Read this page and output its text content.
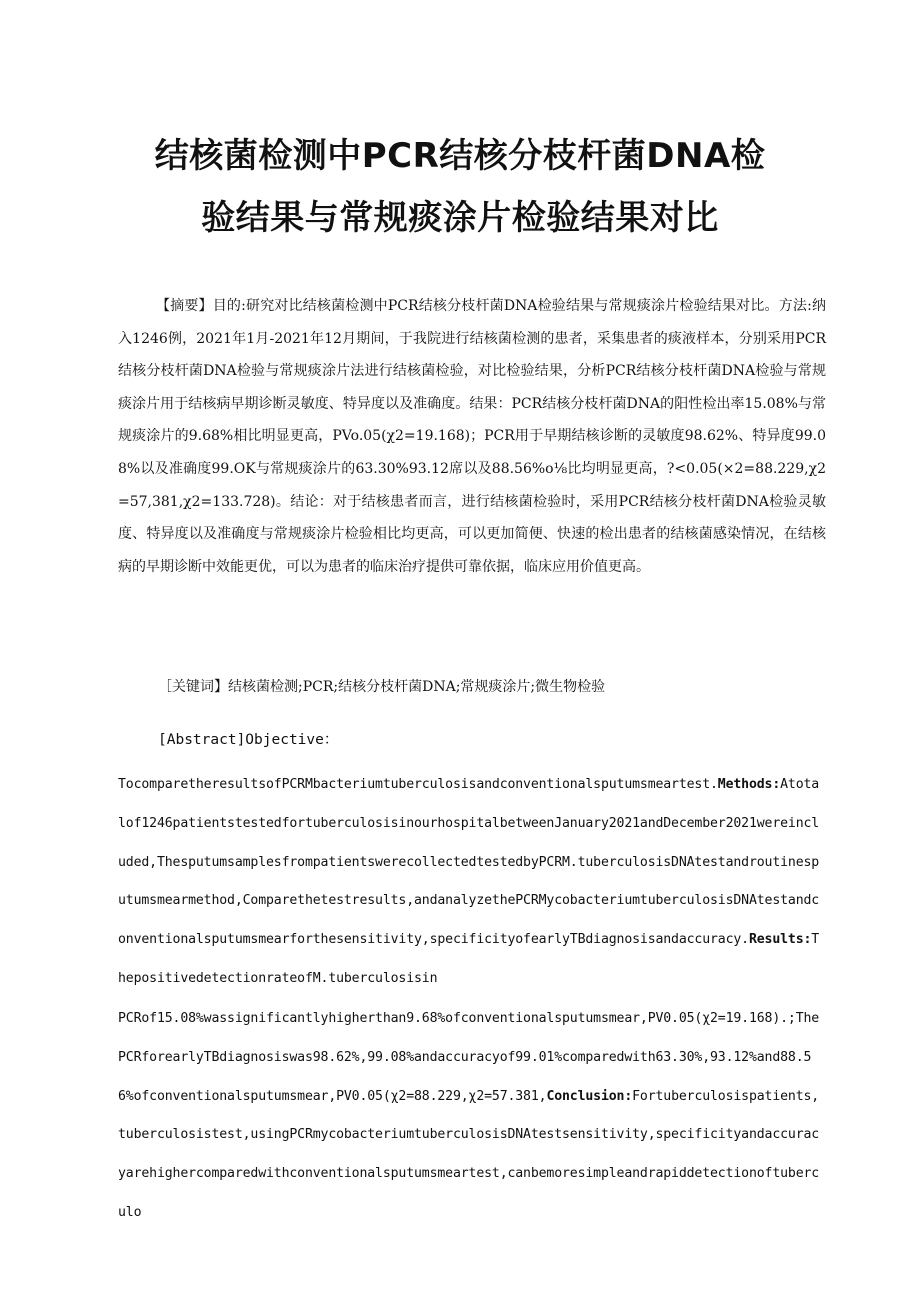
结核菌检测中PCR结核分枝杆菌DNA检
验结果与常规痰涂片检验结果对比
【摘要】目的:研究对比结核菌检测中PCR结核分枝杆菌DNA检验结果与常规痰涂片检验结果对比。方法:纳入1246例，2021年1月-2021年12月期间，于我院进行结核菌检测的患者，采集患者的痰液样本，分别采用PCR结核分枝杆菌DNA检验与常规痰涂片法进行结核菌检验，对比检验结果，分析PCR结核分枝杆菌DNA检验与常规痰涂片用于结核病早期诊断灵敏度、特异度以及准确度。结果：PCR结核分枝杆菌DNA的阳性检出率15.08%与常规痰涂片的9.68%相比明显更高，PVo.05(χ2=19.168)；PCR用于早期结核诊断的灵敏度98.62%、特异度99.08%以及准确度99.OK与常规痰涂片的63.30%93.12席以及88.56%o⅛比均明显更高，?<0.05(×2=88.229,χ2=57,381,χ2=133.728)。结论：对于结核患者而言，进行结核菌检验时，采用PCR结核分枝杆菌DNA检验灵敏度、特异度以及准确度与常规痰涂片检验相比均更高，可以更加简便、快速的检出患者的结核菌感染情况，在结核病的早期诊断中效能更优，可以为患者的临床治疗提供可靠依据，临床应用价值更高。
［关键词】结核菌检测;PCR;结核分枝杆菌DNA;常规痰涂片;微生物检验
[Abstract]Objective：
TocomparetheresultsofPCRMbacteriumtuberculosisandconventionalsputumsmeartest.Methods:Atotalof1246patientstestedfortuberculosisinourhospitalbetweenJanuary2021andDecember2021wereincluded,ThesputumsamplesfrompatientswerecollectedtestedbyPCRM.tuberculosisDNAtestandroutinesputumsmearmethod,Comparethetestresults,andanalyzethePCRMycobacteriumtuberculosisDNAtestandconventionalsputumsmearforthesensitivity,specificityofearlyTBdiagnosisandaccuracy.Results:ThepositivedetectionrateofM.tuberculosisin
PCRof15.08%wassignificantlyhigherthan9.68%ofconventionalsputumsmear,PV0.05(χ2=19.168).;ThePCRforearlyTBdiagnosiswas98.62%,99.08%andaccuracyof99.01%comparedwith63.30%,93.12%and88.56%ofconventionalsputumsmear,PV0.05(χ2=88.229,χ2=57.381,Conclusion:Fortuberculosispatients,tuberculosistest,usingPCRmycobacteriumtuberculosisDNAtestsensitivity,specificityandaccuracyarehighercomparedwithconventionalsputumsmeartest,canbemoresimpleandrapiddetectionoftuberculo
